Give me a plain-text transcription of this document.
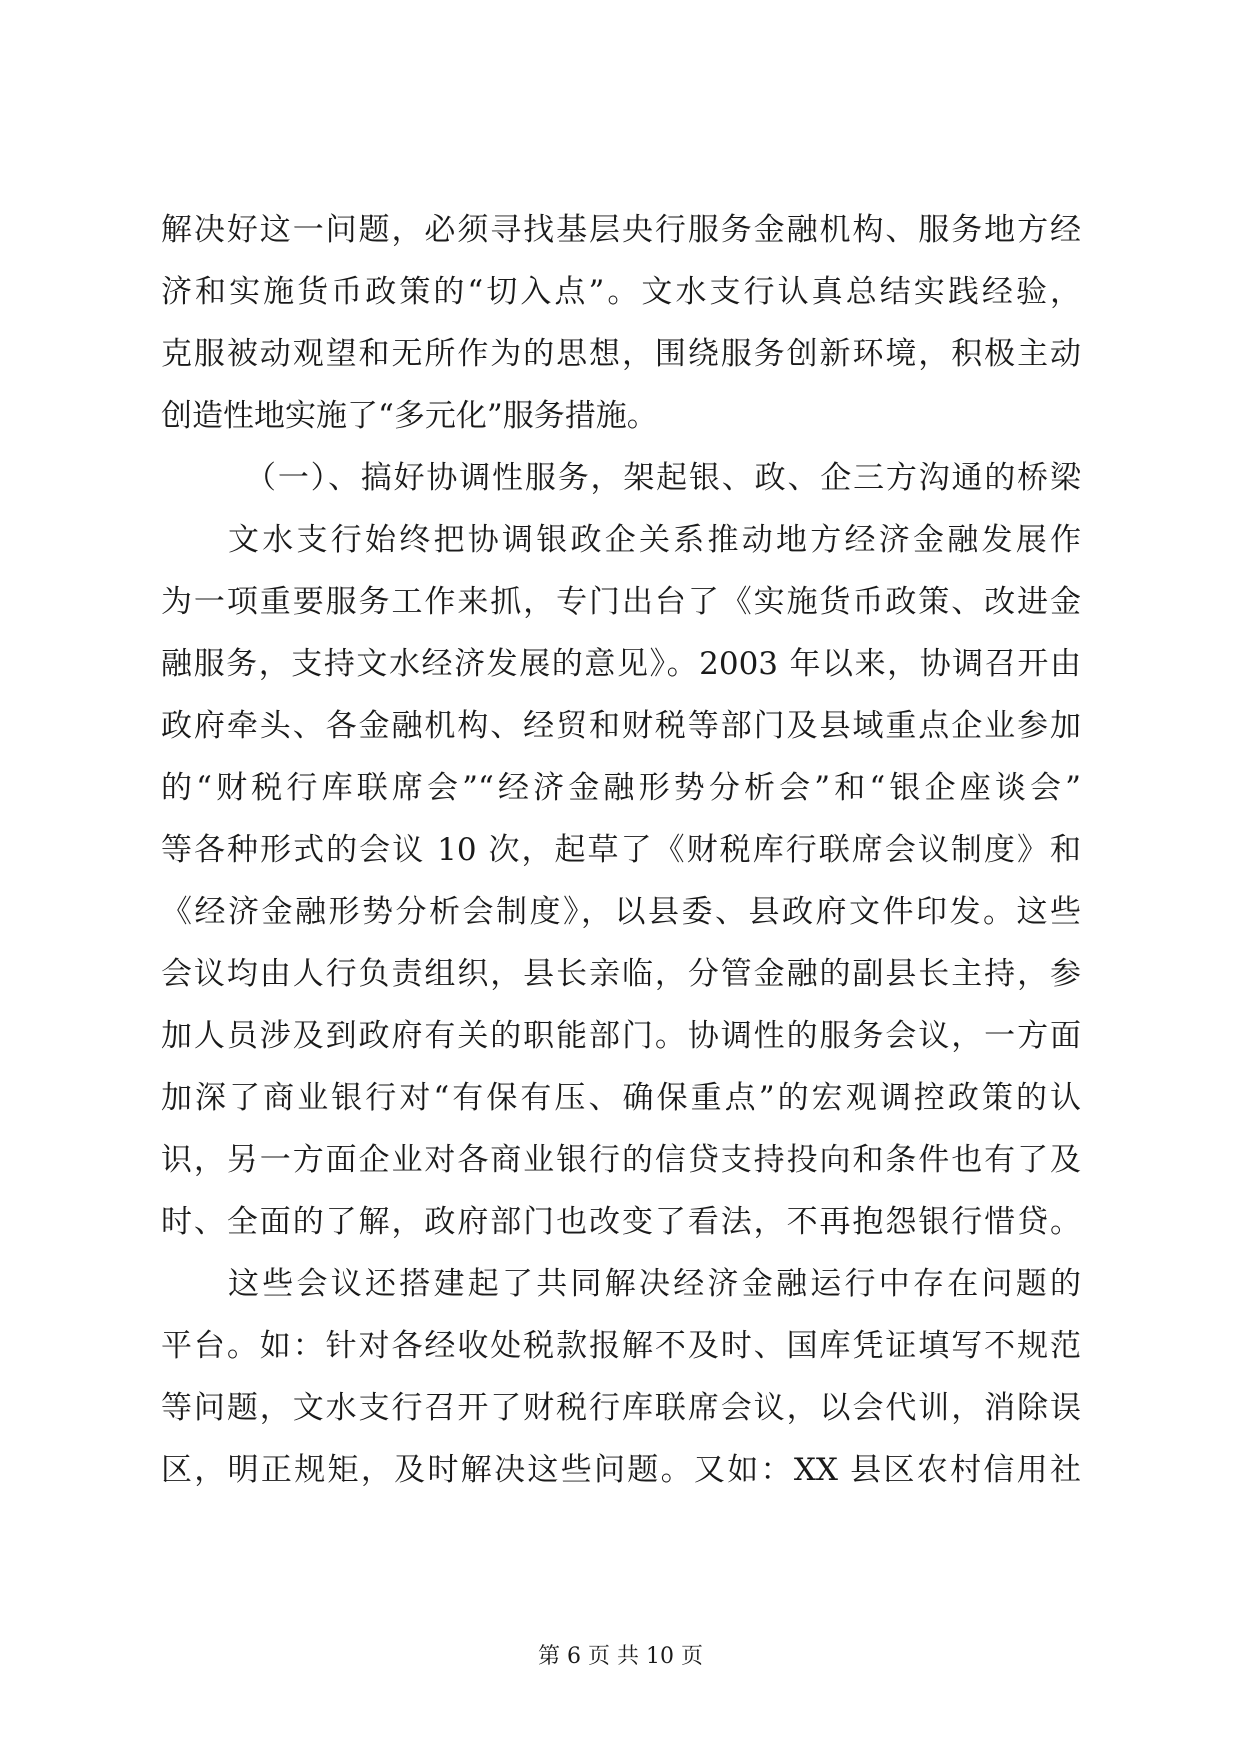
解决好这一问题，必须寻找基层央行服务金融机构、服务地方经
济和实施货币政策的“切入点”。文水支行认真总结实践经验，
克服被动观望和无所作为的思想，围绕服务创新环境，积极主动
创造性地实施了“多元化”服务措施。
（一）、搞好协调性服务，架起银、政、企三方沟通的桥梁
文水支行始终把协调银政企关系推动地方经济金融发展作
为一项重要服务工作来抓，专门出台了《实施货币政策、改进金
融服务，支持文水经济发展的意见》。2003 年以来，协调召开由
政府牵头、各金融机构、经贸和财税等部门及县域重点企业参加
的“财税行库联席会”“经济金融形势分析会”和“银企座谈会”
等各种形式的会议 10 次，起草了《财税库行联席会议制度》和
《经济金融形势分析会制度》，以县委、县政府文件印发。这些
会议均由人行负责组织，县长亲临，分管金融的副县长主持，参
加人员涉及到政府有关的职能部门。协调性的服务会议，一方面
加深了商业银行对“有保有压、确保重点”的宏观调控政策的认
识，另一方面企业对各商业银行的信贷支持投向和条件也有了及
时、全面的了解，政府部门也改变了看法，不再抱怨银行惜贷。
这些会议还搭建起了共同解决经济金融运行中存在问题的
平台。如：针对各经收处税款报解不及时、国库凭证填写不规范
等问题，文水支行召开了财税行库联席会议，以会代训，消除误
区，明正规矩，及时解决这些问题。又如：XX 县区农村信用社
第 6 页 共 10 页
